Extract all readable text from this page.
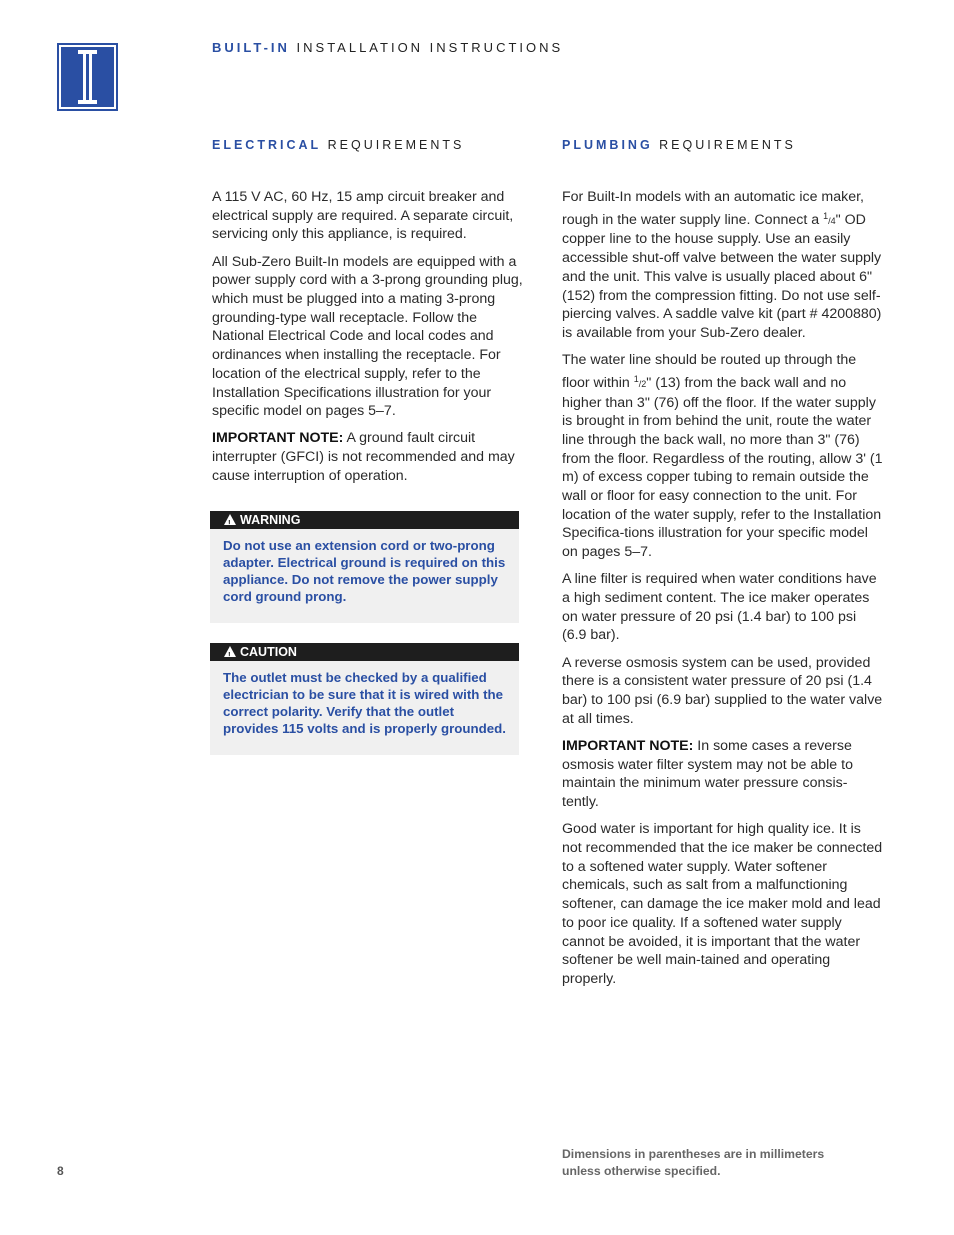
BUILT-IN INSTALLATION INSTRUCTIONS
ELECTRICAL REQUIREMENTS

A 115 V AC, 60 Hz, 15 amp circuit breaker and electrical supply are required. A separate circuit, servicing only this appliance, is required.

All Sub-Zero Built-In models are equipped with a power supply cord with a 3-prong grounding plug, which must be plugged into a mating 3-prong grounding-type wall receptacle. Follow the National Electrical Code and local codes and ordinances when installing the receptacle. For location of the electrical supply, refer to the Installation Specifications illustration for your specific model on pages 5–7.

IMPORTANT NOTE: A ground fault circuit interrupter (GFCI) is not recommended and may cause interruption of operation.

!
WARNING
Do not use an extension cord or two-prong adapter. Electrical ground is required on this appliance. Do not remove the power supply cord ground prong.
!
CAUTION
The outlet must be checked by a qualified electrician to be sure that it is wired with the correct polarity. Verify that the outlet provides 115 volts and is properly grounded.
PLUMBING REQUIREMENTS

For Built-In models with an automatic ice maker, rough in the water supply line. Connect a $^1$/4" OD copper line to the house supply. Use an easily accessible shut-off valve between the water supply and the unit. This valve is usually placed about 6" (152) from the compression fitting. Do not use self-piercing valves. A saddle valve kit (part # 4200880) is available from your Sub-Zero dealer.

The water line should be routed up through the floor within $^1$/2" (13) from the back wall and no higher than 3" (76) off the floor. If the water supply is brought in from behind the unit, route the water line through the back wall, no more than 3" (76) from the floor. Regardless of the routing, allow 3' (1 m) of excess copper tubing to remain outside the wall or floor for easy connection to the unit. For location of the water supply, refer to the Installation Specifica-tions illustration for your specific model on pages 5–7.

A line filter is required when water conditions have a high sediment content. The ice maker operates on water pressure of 20 psi (1.4 bar) to 100 psi (6.9 bar).

A reverse osmosis system can be used, provided there is a consistent water pressure of 20 psi (1.4 bar) to 100 psi (6.9 bar) supplied to the water valve at all times.

IMPORTANT NOTE: In some cases a reverse osmosis water filter system may not be able to maintain the minimum water pressure consis-tently.

Good water is important for high quality ice. It is not recommended that the ice maker be connected to a softened water supply. Water softener chemicals, such as salt from a malfunctioning softener, can damage the ice maker mold and lead to poor ice quality. If a softened water supply cannot be avoided, it is important that the water softener be well main-tained and operating properly.

8
Dimensions in parentheses are in millimeters unless otherwise specified.
